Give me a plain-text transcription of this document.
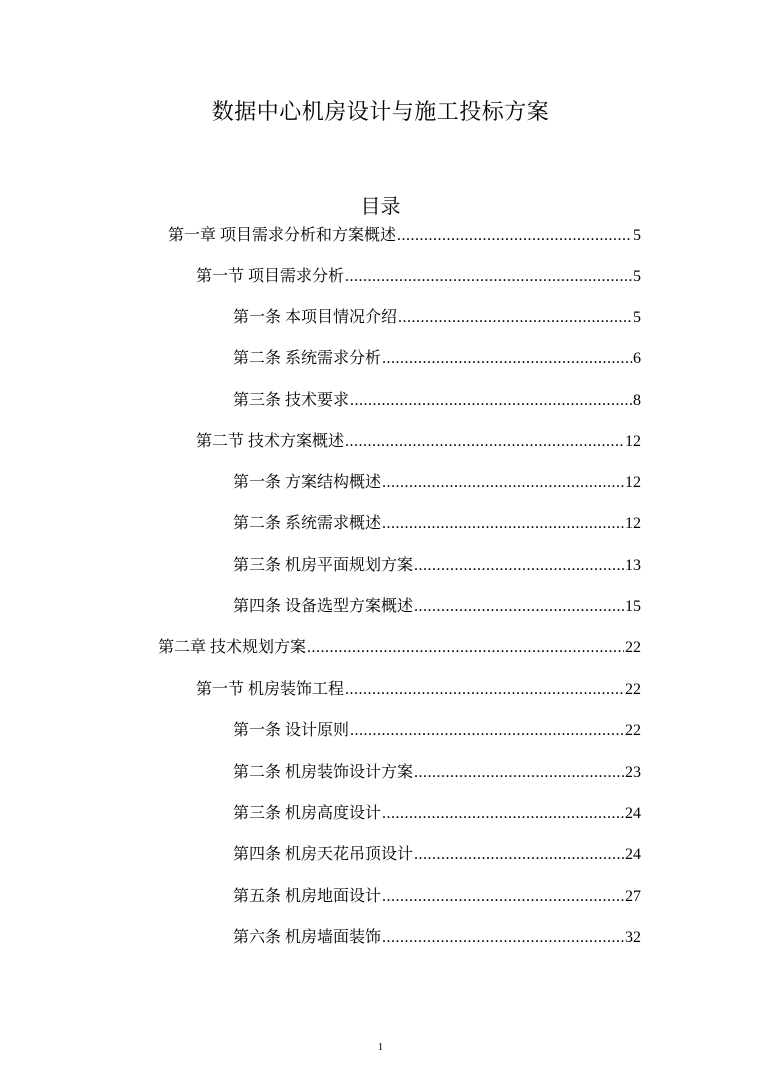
数据中心机房设计与施工投标方案
目录
第一章 项目需求分析和方案概述 .....	5
第一节 项目需求分析 .....	5
第一条 本项目情况介绍 .....	5
第二条 系统需求分析 .....	6
第三条 技术要求 .....	8
第二节 技术方案概述 .....	12
第一条 方案结构概述 .....	12
第二条 系统需求概述 .....	12
第三条 机房平面规划方案 .....	13
第四条 设备选型方案概述 .....	15
第二章 技术规划方案 .....	22
第一节 机房装饰工程 .....	22
第一条 设计原则 .....	22
第二条 机房装饰设计方案 .....	23
第三条 机房高度设计 .....	24
第四条 机房天花吊顶设计 .....	24
第五条 机房地面设计 .....	27
第六条 机房墙面装饰 .....	32
1
